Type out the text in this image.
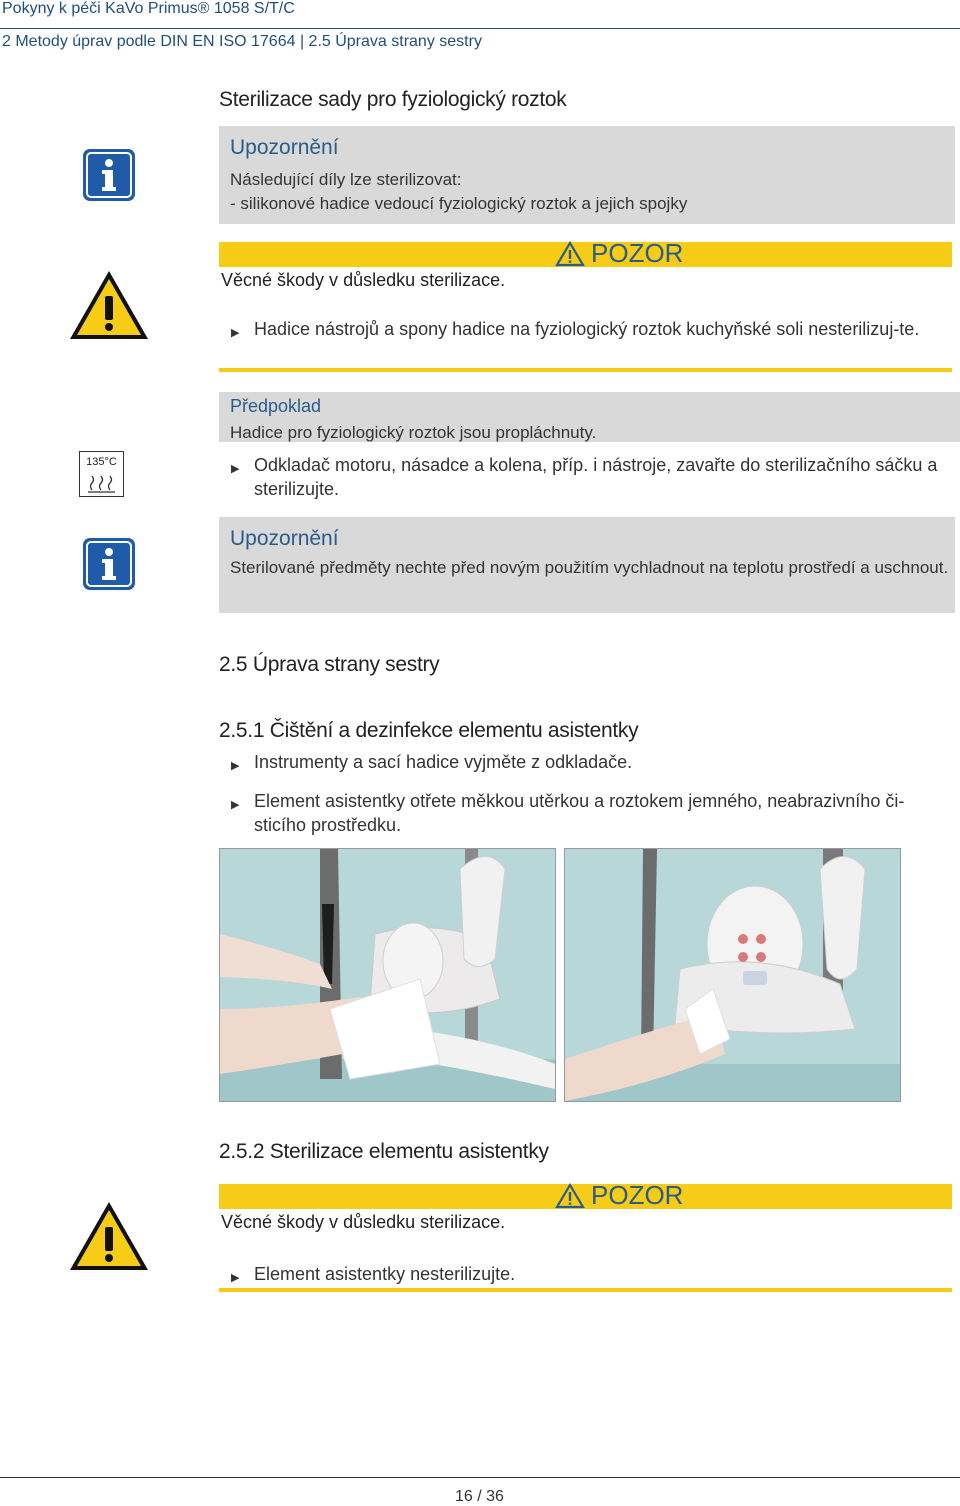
Pokyny k péči KaVo Primus® 1058 S/T/C
2 Metody úprav podle DIN EN ISO 17664 | 2.5 Úprava strany sestry
Sterilizace sady pro fyziologický roztok
Upozornění
Následující díly lze sterilizovat:
- silikonové hadice vedoucí fyziologický roztok a jejich spojky
POZOR
Věcné škody v důsledku sterilizace.
▶ Hadice nástrojů a spony hadice na fyziologický roztok kuchyňské soli nesterilizuj-te.
Předpoklad
Hadice pro fyziologický roztok jsou propláchnuty.
135°C
▶ Odkladač motoru, násadce a kolena, příp. i nástroje, zavařte do sterilizačního sáčku a sterilizujte.
Upozornění
Sterilované předměty nechte před novým použitím vychladnout na teplotu prostředí a uschnout.
2.5 Úprava strany sestry
2.5.1 Čištění a dezinfekce elementu asistentky
▶ Instrumenty a sací hadice vyjměte z odkladače.
▶ Element asistentky otřete měkkou utěrkou a roztokem jemného, neabrazivního či-sticího prostředku.
2.5.2 Sterilizace elementu asistentky
POZOR
Věcné škody v důsledku sterilizace.
▶ Element asistentky nesterilizujte.
16 / 36
